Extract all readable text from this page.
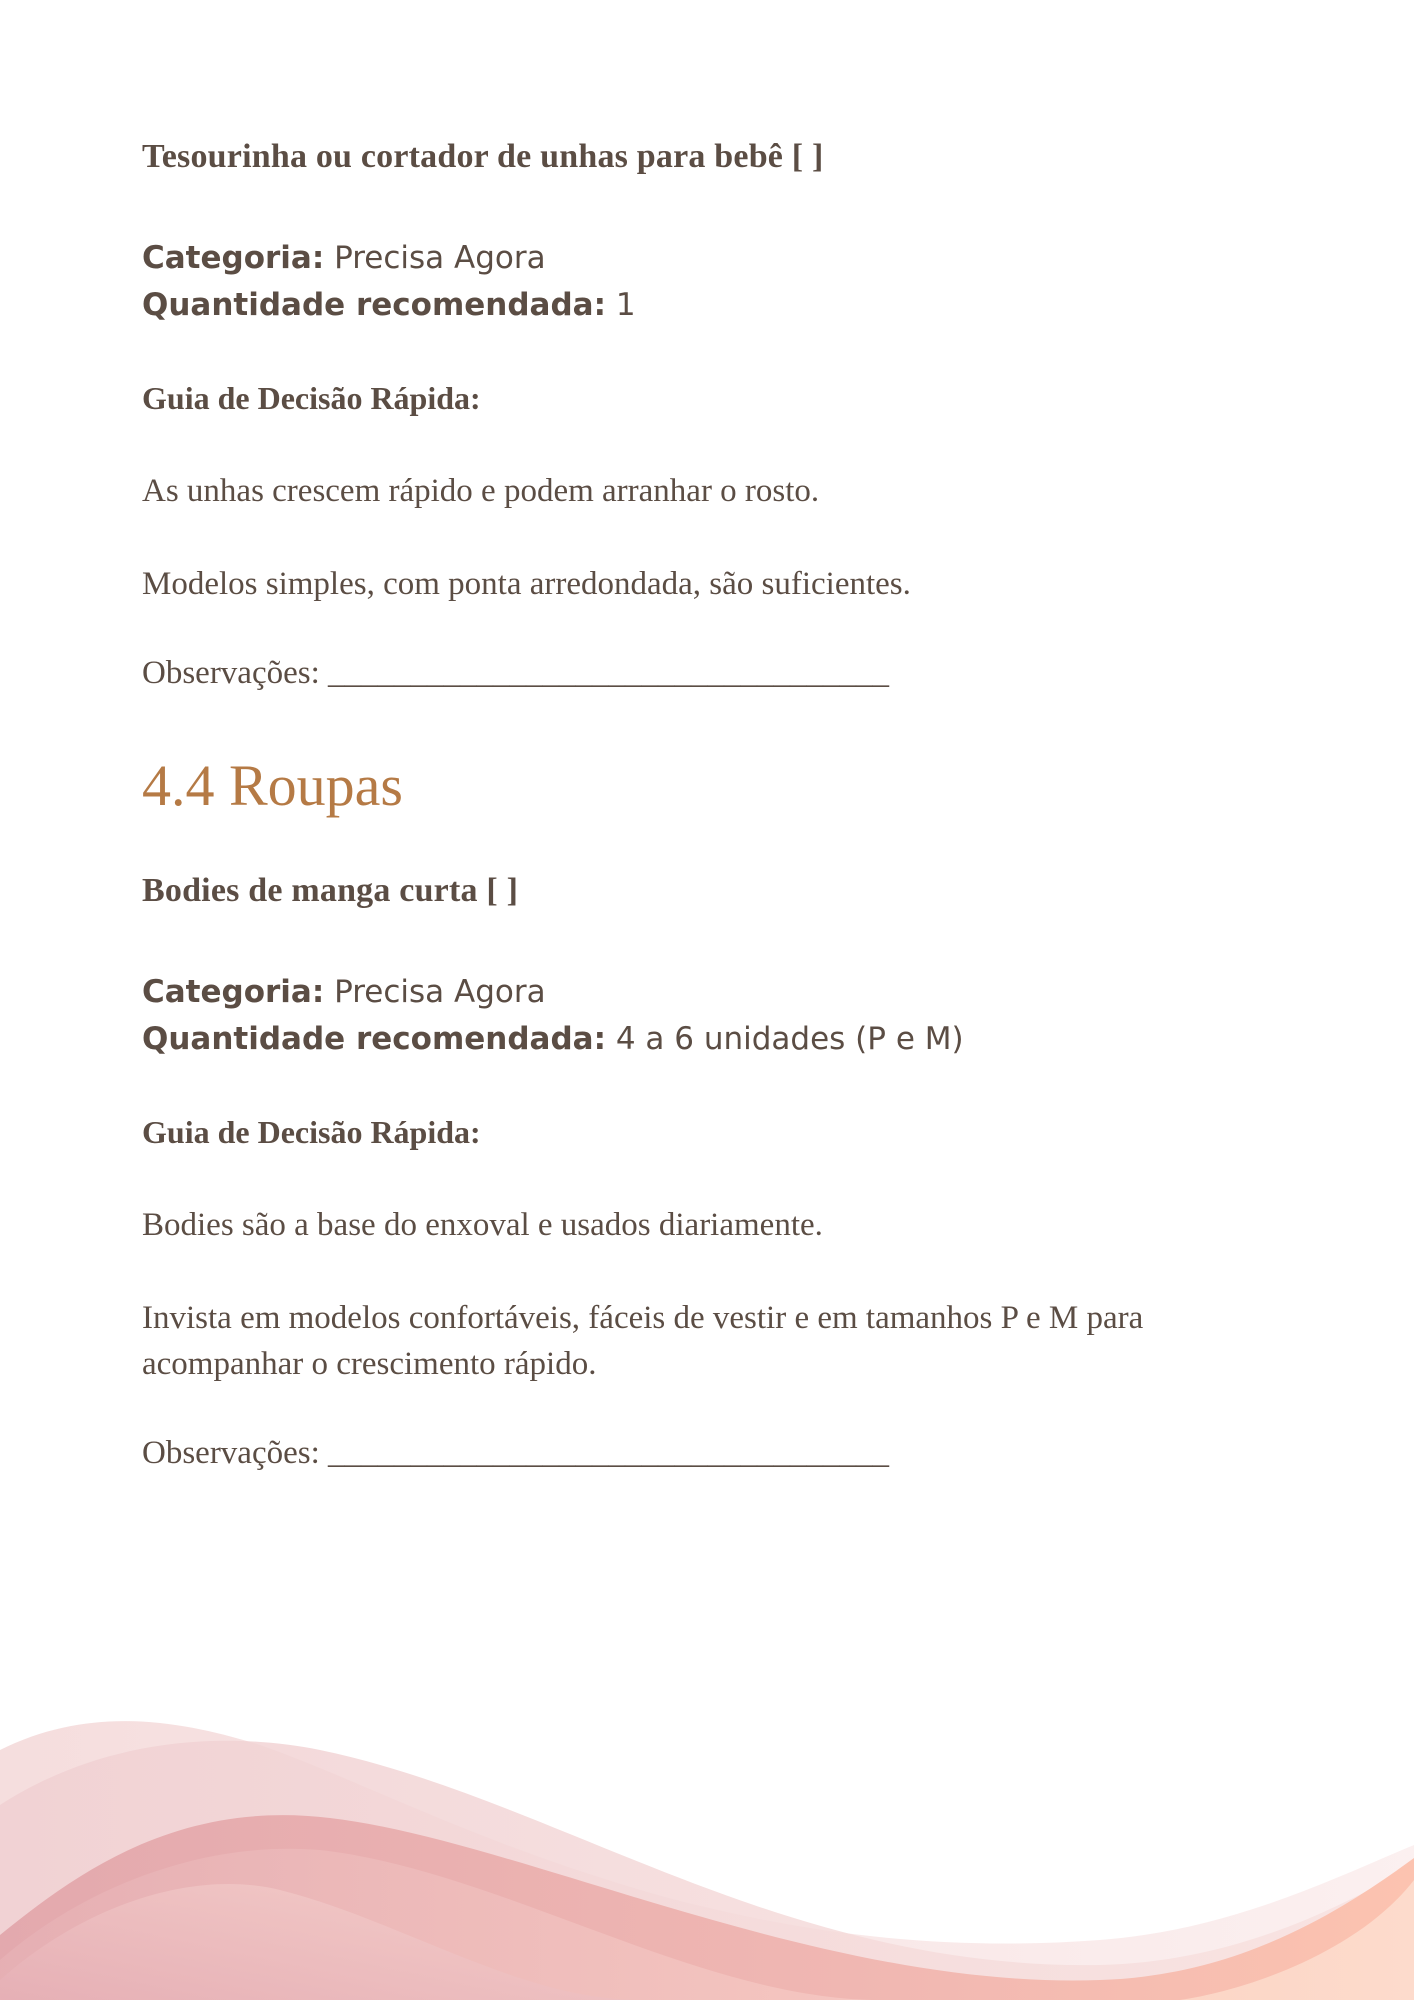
Tesourinha ou cortador de unhas para bebê [ ]
Categoria: Precisa Agora
Quantidade recomendada: 1
Guia de Decisão Rápida:
As unhas crescem rápido e podem arranhar o rosto.
Modelos simples, com ponta arredondada, são suficientes.
Observações: __________________________________
4.4 Roupas
Bodies de manga curta [ ]
Categoria: Precisa Agora
Quantidade recomendada: 4 a 6 unidades (P e M)
Guia de Decisão Rápida:
Bodies são a base do enxoval e usados diariamente.
Invista em modelos confortáveis, fáceis de vestir e em tamanhos P e M para acompanhar o crescimento rápido.
Observações: __________________________________
